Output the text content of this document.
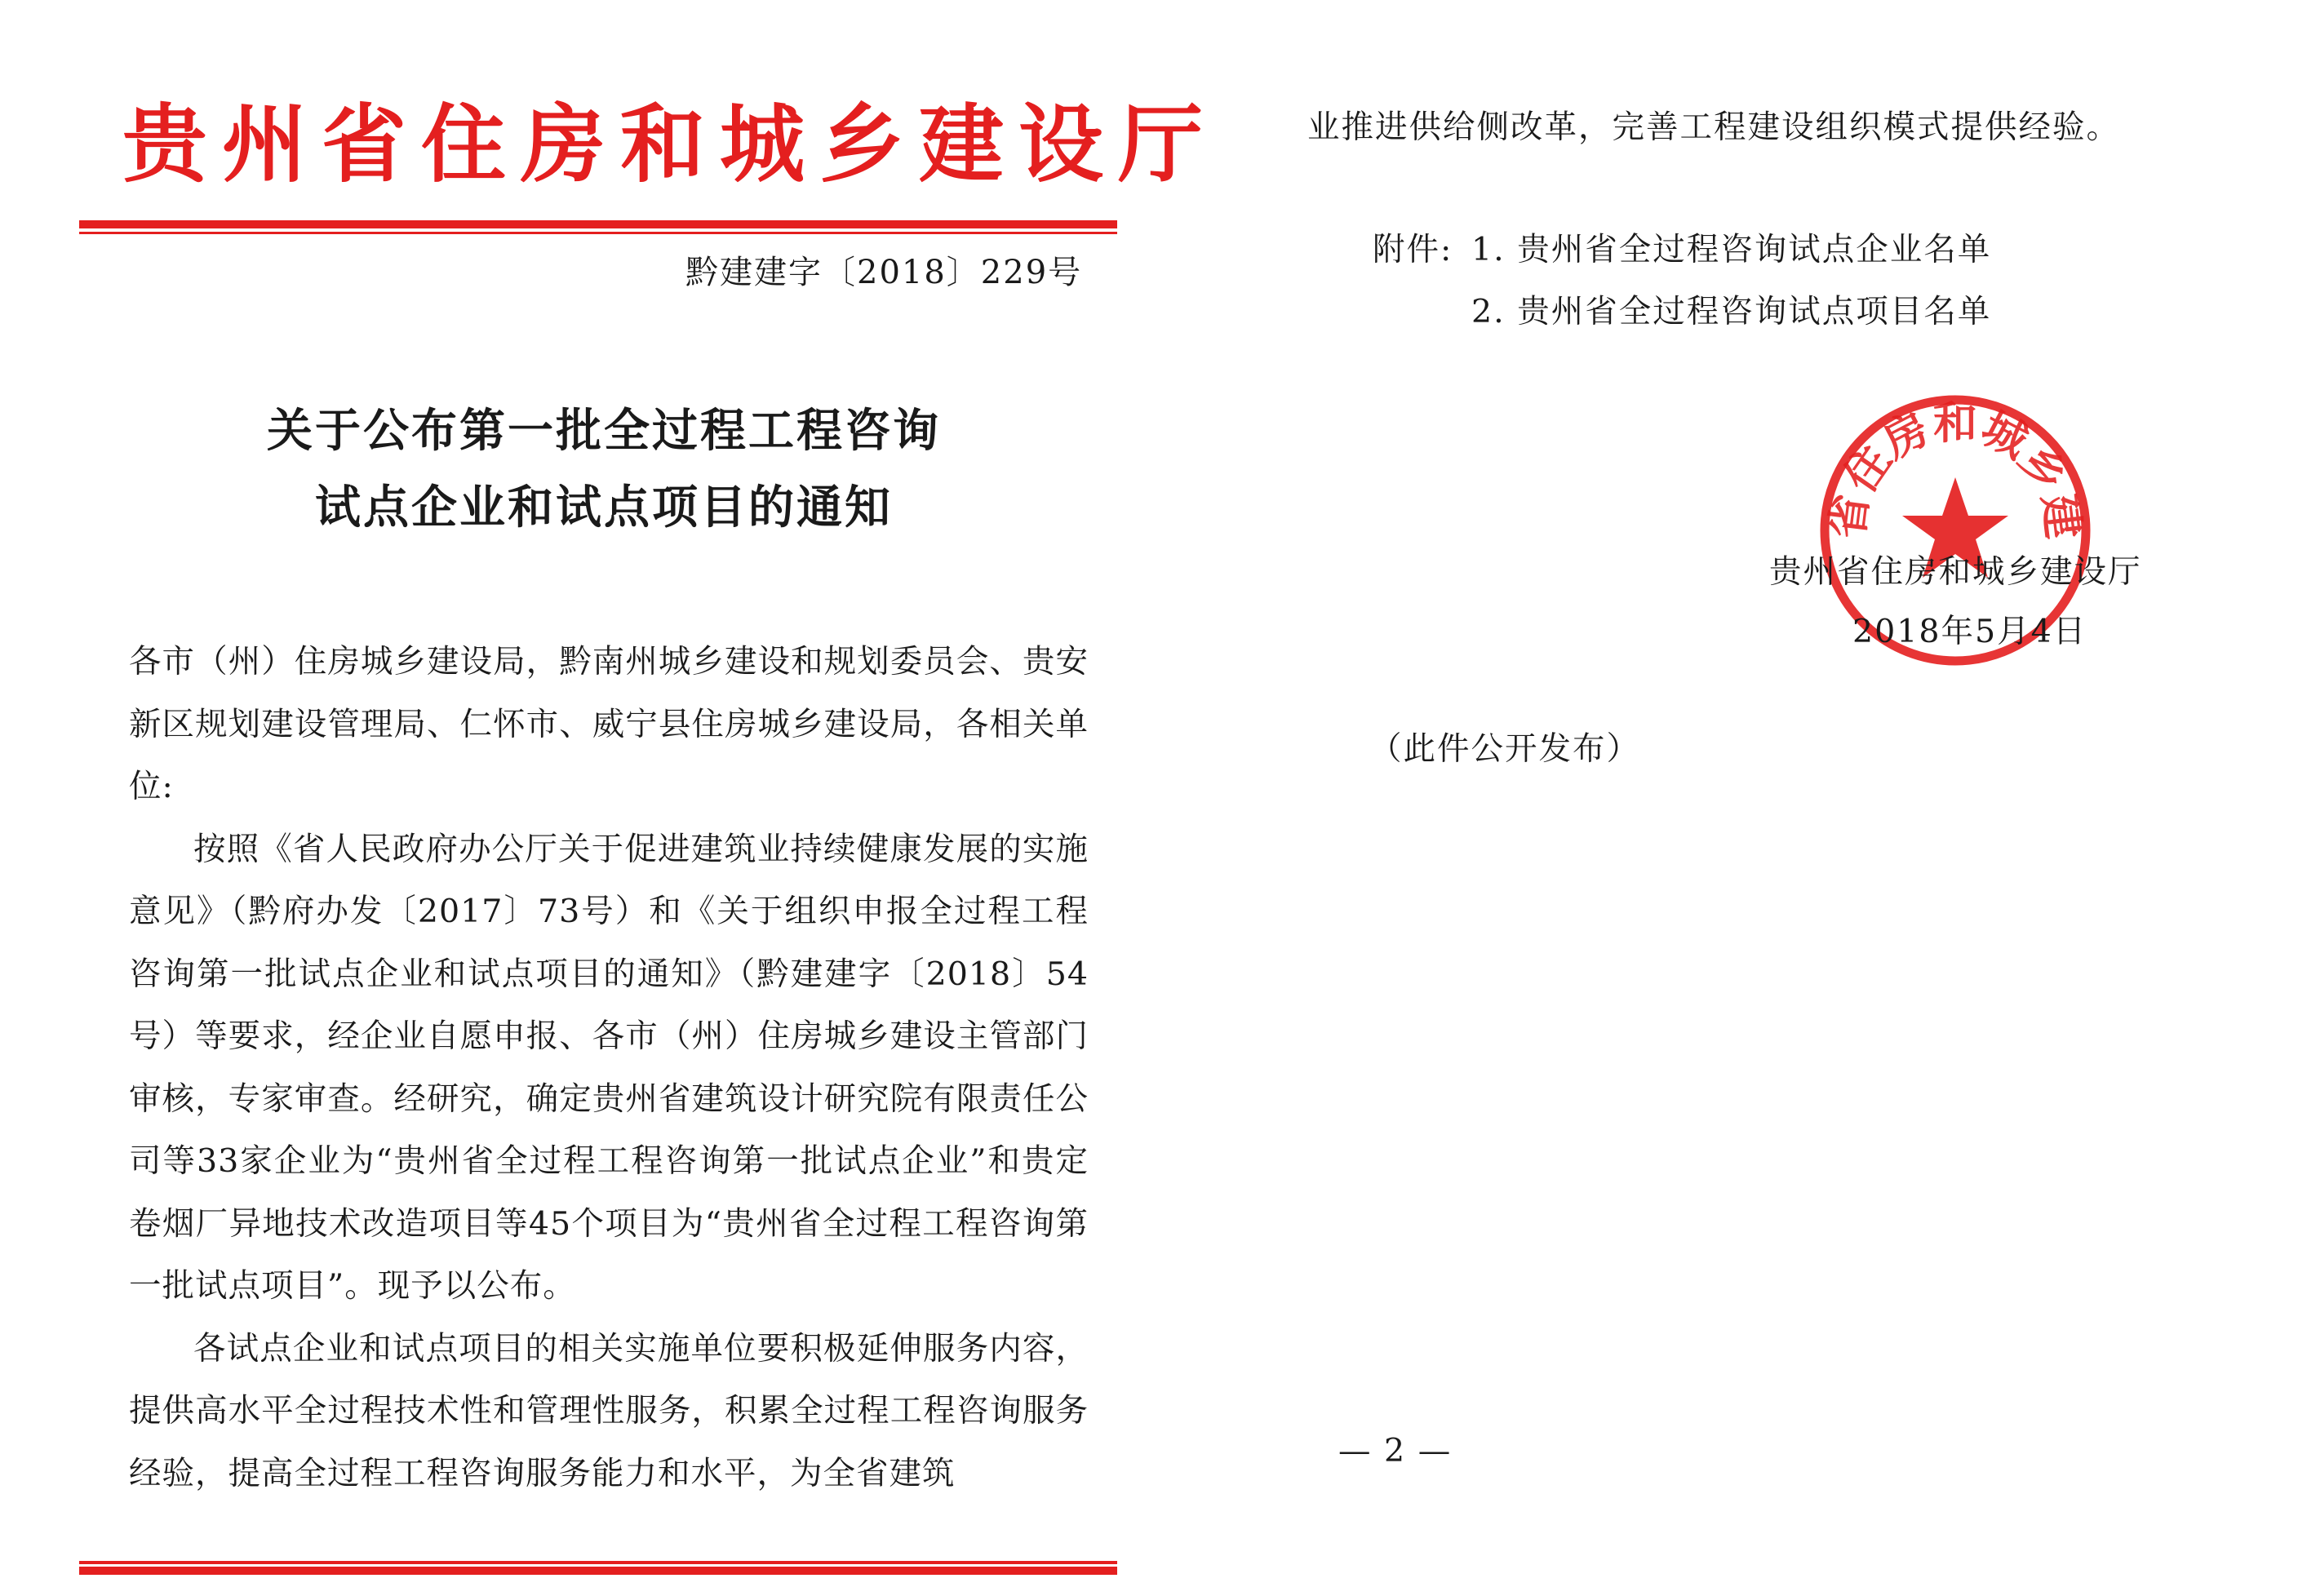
贵州省住房和城乡建设厅
黔建建字〔2018〕229号
关于公布第一批全过程工程咨询
试点企业和试点项目的通知

各市（州）住房城乡建设局，黔南州城乡建设和规划委员会、贵安新区规划建设管理局、仁怀市、威宁县住房城乡建设局，各相关单位:

按照《省人民政府办公厅关于促进建筑业持续健康发展的实施意见》（黔府办发〔2017〕73号）和《关于组织申报全过程工程咨询第一批试点企业和试点项目的通知》（黔建建字〔2018〕54号）等要求，经企业自愿申报、各市（州）住房城乡建设主管部门审核，专家审查。经研究，确定贵州省建筑设计研究院有限责任公司等33家企业为“贵州省全过程工程咨询第一批试点企业”和贵定卷烟厂异地技术改造项目等45个项目为“贵州省全过程工程咨询第一批试点项目”。现予以公布。

各试点企业和试点项目的相关实施单位要积极延伸服务内容，提供高水平全过程技术性和管理性服务，积累全过程工程咨询服务经验，提高全过程工程咨询服务能力和水平，为全省建筑

业推进供给侧改革，完善工程建设组织模式提供经验。
附件: 1. 贵州省全过程咨询试点企业名单
2. 贵州省全过程咨询试点项目名单
省住房和城乡建
贵州省住房和城乡建设厅
2018年5月4日
（此件公开发布）
— 2 —
